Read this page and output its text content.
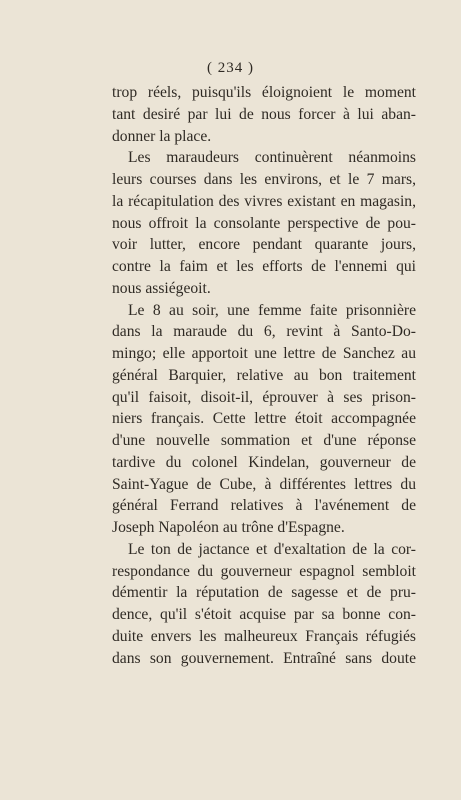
( 234 )

trop réels, puisqu'ils éloignoient le moment
tant desiré par lui de nous forcer à lui aban-
donner la place.

Les maraudeurs continuèrent néanmoins
leurs courses dans les environs, et le 7 mars,
la récapitulation des vivres existant en magasin,
nous offroit la consolante perspective de pou-
voir lutter, encore pendant quarante jours,
contre la faim et les efforts de l'ennemi qui
nous assiégeoit.

Le 8 au soir, une femme faite prisonnière
dans la maraude du 6, revint à Santo-Do-
mingo; elle apportoit une lettre de Sanchez au
général Barquier, relative au bon traitement
qu'il faisoit, disoit-il, éprouver à ses prison-
niers français. Cette lettre étoit accompagnée
d'une nouvelle sommation et d'une réponse
tardive du colonel Kindelan, gouverneur de
Saint-Yague de Cube, à différentes lettres du
général Ferrand relatives à l'avénement de
Joseph Napoléon au trône d'Espagne.

Le ton de jactance et d'exaltation de la cor-
respondance du gouverneur espagnol sembloit
démentir la réputation de sagesse et de pru-
dence, qu'il s'étoit acquise par sa bonne con-
duite envers les malheureux Français réfugiés
dans son gouvernement. Entraîné sans doute
